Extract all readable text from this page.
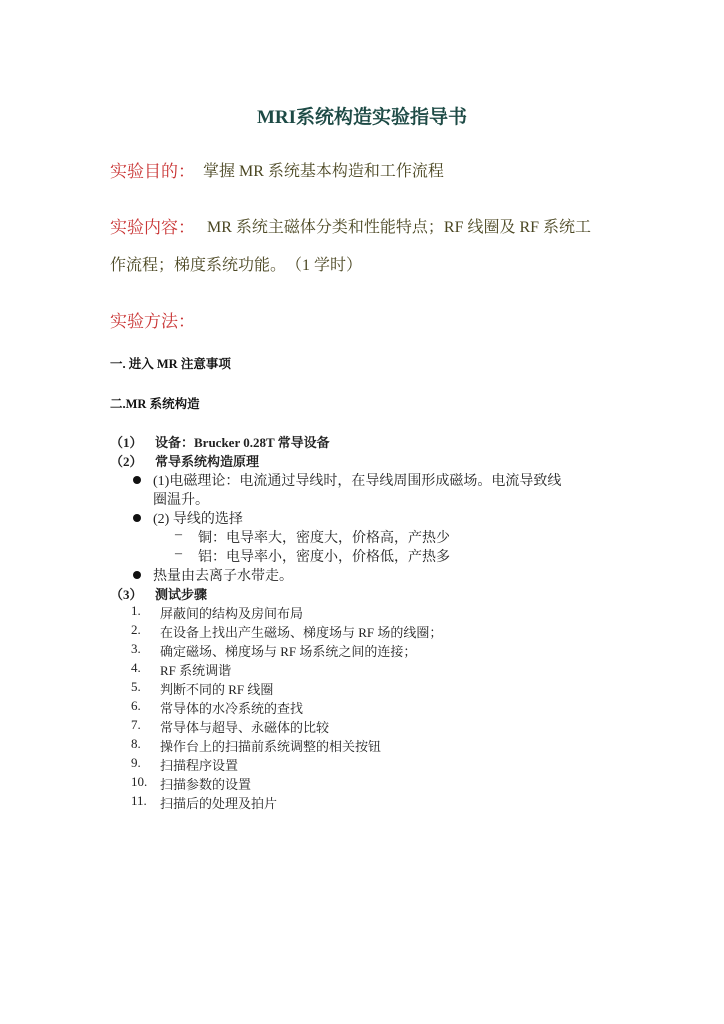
MRI系统构造实验指导书
实验目的： 掌握 MR 系统基本构造和工作流程
实验内容： MR 系统主磁体分类和性能特点；RF 线圈及 RF 系统工
作流程；梯度系统功能。　（1 学时）
实验方法：
一. 进入 MR 注意事项
二.MR 系统构造
（1） 设备：Brucker 0.28T 常导设备
（2） 常导系统构造原理
(1)电磁理论：电流通过导线时，在导线周围形成磁场。电流导致线
圈温升。
(2) 导线的选择
– 铜：电导率大，密度大，价格高，产热少
– 铝：电导率小，密度小，价格低，产热多
热量由去离子水带走。
（3） 测试步骤
1. 屏蔽间的结构及房间布局
2. 在设备上找出产生磁场、梯度场与 RF 场的线圈；
3. 确定磁场、梯度场与 RF 场系统之间的连接；
4. RF 系统调谐
5. 判断不同的 RF 线圈
6. 常导体的水冷系统的查找
7. 常导体与超导、永磁体的比较
8. 操作台上的扫描前系统调整的相关按钮
9. 扫描程序设置
10. 扫描参数的设置
11. 扫描后的处理及拍片
